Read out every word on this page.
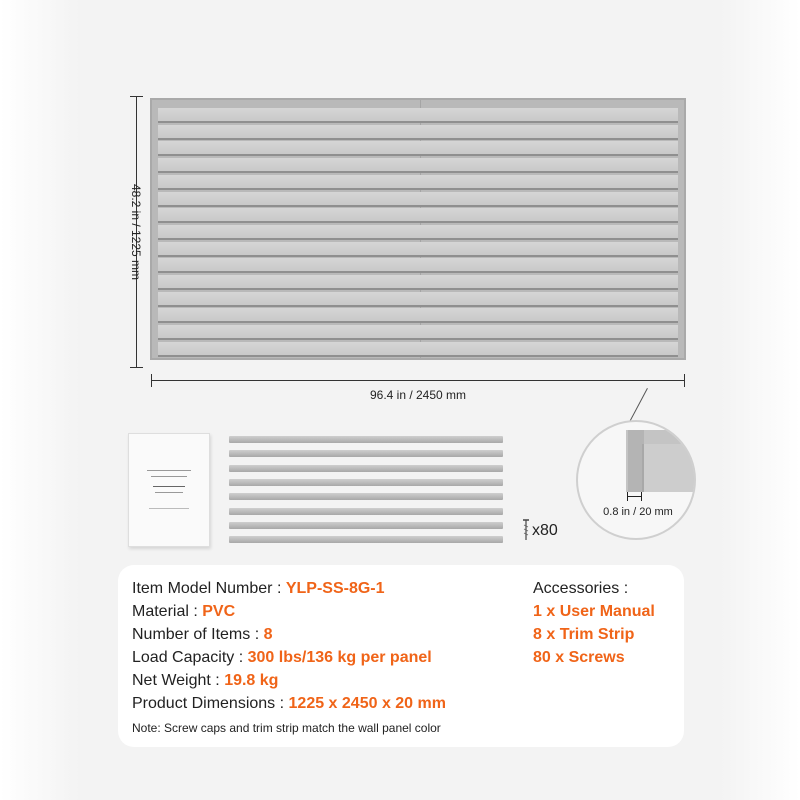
48.2 in / 1225 mm
96.4 in / 2450 mm
x80
0.8 in / 20 mm
Item Model Number : YLP-SS-8G-1
Material : PVC
Number of Items : 8
Load Capacity : 300 lbs/136 kg per panel
Net Weight : 19.8 kg
Product Dimensions : 1225 x 2450 x 20 mm
Accessories :
1 x User Manual
8 x Trim Strip
80 x Screws
Note: Screw caps and trim strip match the wall panel color
